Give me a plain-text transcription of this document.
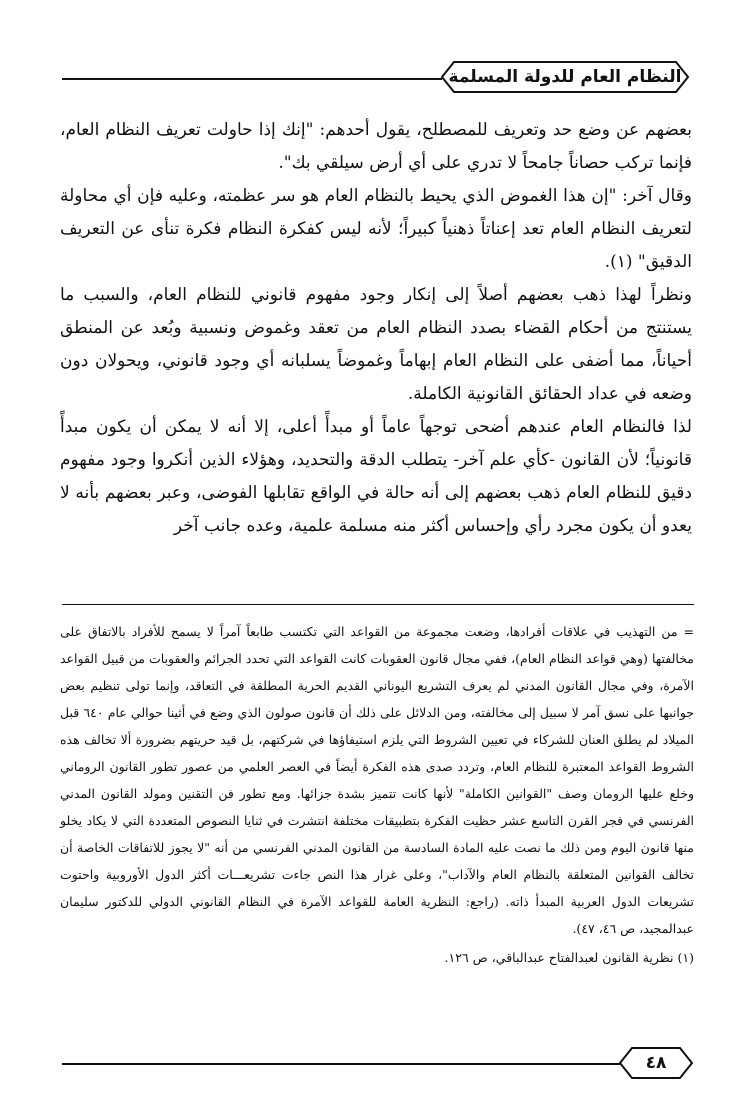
النظام العام للدولة المسلمة

بعضهم عن وضع حد وتعريف للمصطلح، يقول أحدهم: "إنك إذا حاولت تعريف النظام العام، فإنما تركب حصاناً جامحاً لا تدري على أي أرض سيلقي بك".

وقال آخر: "إن هذا الغموض الذي يحيط بالنظام العام هو سر عظمته، وعليه فإن أي محاولة لتعريف النظام العام تعد إعناتاً ذهنياً كبيراً؛ لأنه ليس كفكرة النظام فكرة تنأى عن التعريف الدقيق" (١).

ونظراً لهذا ذهب بعضهم أصلاً إلى إنكار وجود مفهوم قانوني للنظام العام، والسبب ما يستنتج من أحكام القضاء بصدد النظام العام من تعقد وغموض ونسبية وبُعد عن المنطق أحياناً، مما أضفى على النظام العام إبهاماً وغموضاً يسلبانه أي وجود قانوني، ويحولان دون وضعه في عداد الحقائق القانونية الكاملة.

لذا فالنظام العام عندهم أضحى توجهاً عاماً أو مبدأً أعلى، إلا أنه لا يمكن أن يكون مبدأً قانونياً؛ لأن القانون -كأي علم آخر- يتطلب الدقة والتحديد، وهؤلاء الذين أنكروا وجود مفهوم دقيق للنظام العام ذهب بعضهم إلى أنه حالة في الواقع تقابلها الفوضى، وعبر بعضهم بأنه لا يعدو أن يكون مجرد رأي وإحساس أكثر منه مسلمة علمية، وعده جانب آخر

= من التهذيب في علاقات أفرادها، وضعت مجموعة من القواعد التي تكتسب طابعاً آمراً لا يسمح للأفراد بالاتفاق على مخالفتها (وهي قواعد النظام العام)، ففي مجال قانون العقوبات كانت القواعد التي تحدد الجرائم والعقوبات من قبيل القواعد الآمرة، وفي مجال القانون المدني لم يعرف التشريع اليوناني القديم الحرية المطلقة في التعاقد، وإنما تولى تنظيم بعض جوانبها على نسق آمر لا سبيل إلى مخالفته، ومن الدلائل على ذلك أن قانون صولون الذي وضع في أثينا حوالي عام ٦٤٠ قبل الميلاد لم يطلق العنان للشركاء في تعيين الشروط التي يلزم استيفاؤها في شركتهم، بل قيد حريتهم بضرورة ألا تخالف هذه الشروط القواعد المعتبرة للنظام العام، وتردد صدى هذه الفكرة أيضاً في العصر العلمي من عصور تطور القانون الروماني وخلع عليها الرومان وصف "القوانين الكاملة" لأنها كانت تتميز بشدة جزائها. ومع تطور فن التقنين ومولد القانون المدني الفرنسي في فجر القرن التاسع عشر حظيت الفكرة بتطبيقات مختلفة انتشرت في ثنايا النصوص المتعددة التي لا يكاد يخلو منها قانون اليوم ومن ذلك ما نصت عليه المادة السادسة من القانون المدني الفرنسي من أنه "لا يجوز للاتفاقات الخاصة أن تخالف القوانين المتعلقة بالنظام العام والآداب"، وعلى غرار هذا النص جاءت تشريعـــات أكثر الدول الأوروبية واحتوت تشريعات الدول العربية المبدأ ذاته. (راجع: النظرية العامة للقواعد الآمرة في النظام القانوني الدولي للدكتور سليمان عبدالمجيد، ص ٤٦، ٤٧).

(١) نظرية القانون لعبدالفتاح عبدالباقي، ص ١٢٦.

٤٨
